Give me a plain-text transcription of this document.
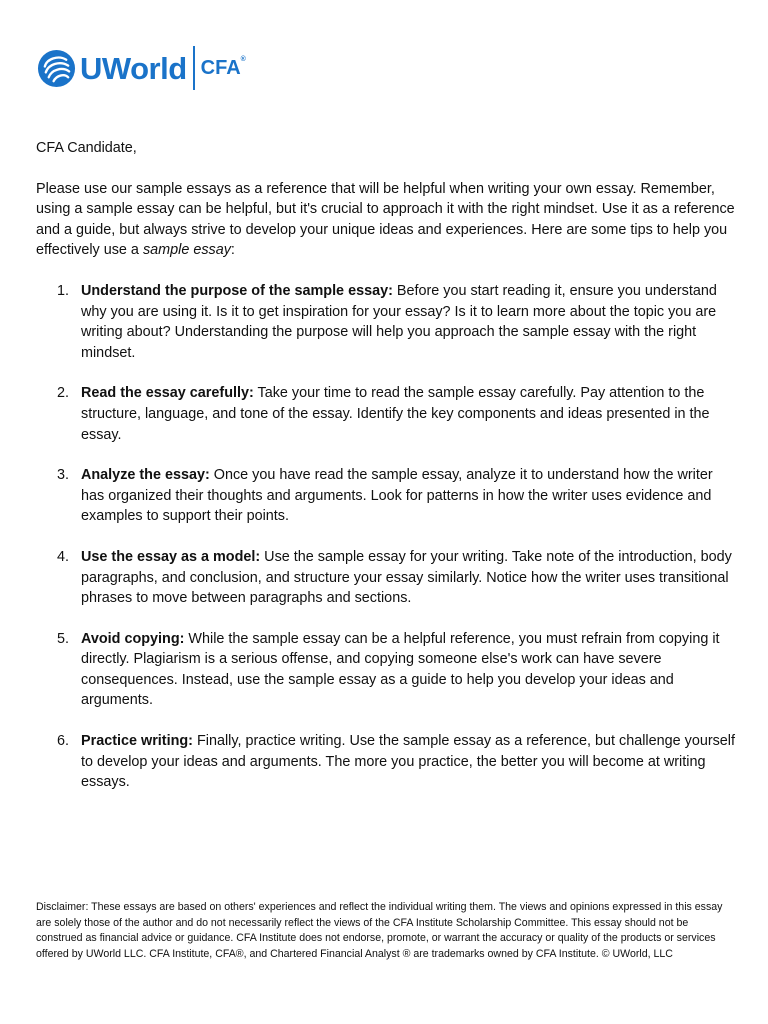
UWorld CFA®

CFA Candidate,

Please use our sample essays as a reference that will be helpful when writing your own essay. Remember, using a sample essay can be helpful, but it's crucial to approach it with the right mindset. Use it as a reference and a guide, but always strive to develop your unique ideas and experiences. Here are some tips to help you effectively use a sample essay:

1. Understand the purpose of the sample essay: Before you start reading it, ensure you understand why you are using it. Is it to get inspiration for your essay? Is it to learn more about the topic you are writing about? Understanding the purpose will help you approach the sample essay with the right mindset.
2. Read the essay carefully: Take your time to read the sample essay carefully. Pay attention to the structure, language, and tone of the essay. Identify the key components and ideas presented in the essay.
3. Analyze the essay: Once you have read the sample essay, analyze it to understand how the writer has organized their thoughts and arguments. Look for patterns in how the writer uses evidence and examples to support their points.
4. Use the essay as a model: Use the sample essay for your writing. Take note of the introduction, body paragraphs, and conclusion, and structure your essay similarly. Notice how the writer uses transitional phrases to move between paragraphs and sections.
5. Avoid copying: While the sample essay can be a helpful reference, you must refrain from copying it directly. Plagiarism is a serious offense, and copying someone else's work can have severe consequences. Instead, use the sample essay as a guide to help you develop your ideas and arguments.
6. Practice writing: Finally, practice writing. Use the sample essay as a reference, but challenge yourself to develop your ideas and arguments. The more you practice, the better you will become at writing essays.

Disclaimer: These essays are based on others' experiences and reflect the individual writing them. The views and opinions expressed in this essay are solely those of the author and do not necessarily reflect the views of the CFA Institute Scholarship Committee. This essay should not be construed as financial advice or guidance. CFA Institute does not endorse, promote, or warrant the accuracy or quality of the products or services offered by UWorld LLC. CFA Institute, CFA®, and Chartered Financial Analyst ® are trademarks owned by CFA Institute. © UWorld, LLC
